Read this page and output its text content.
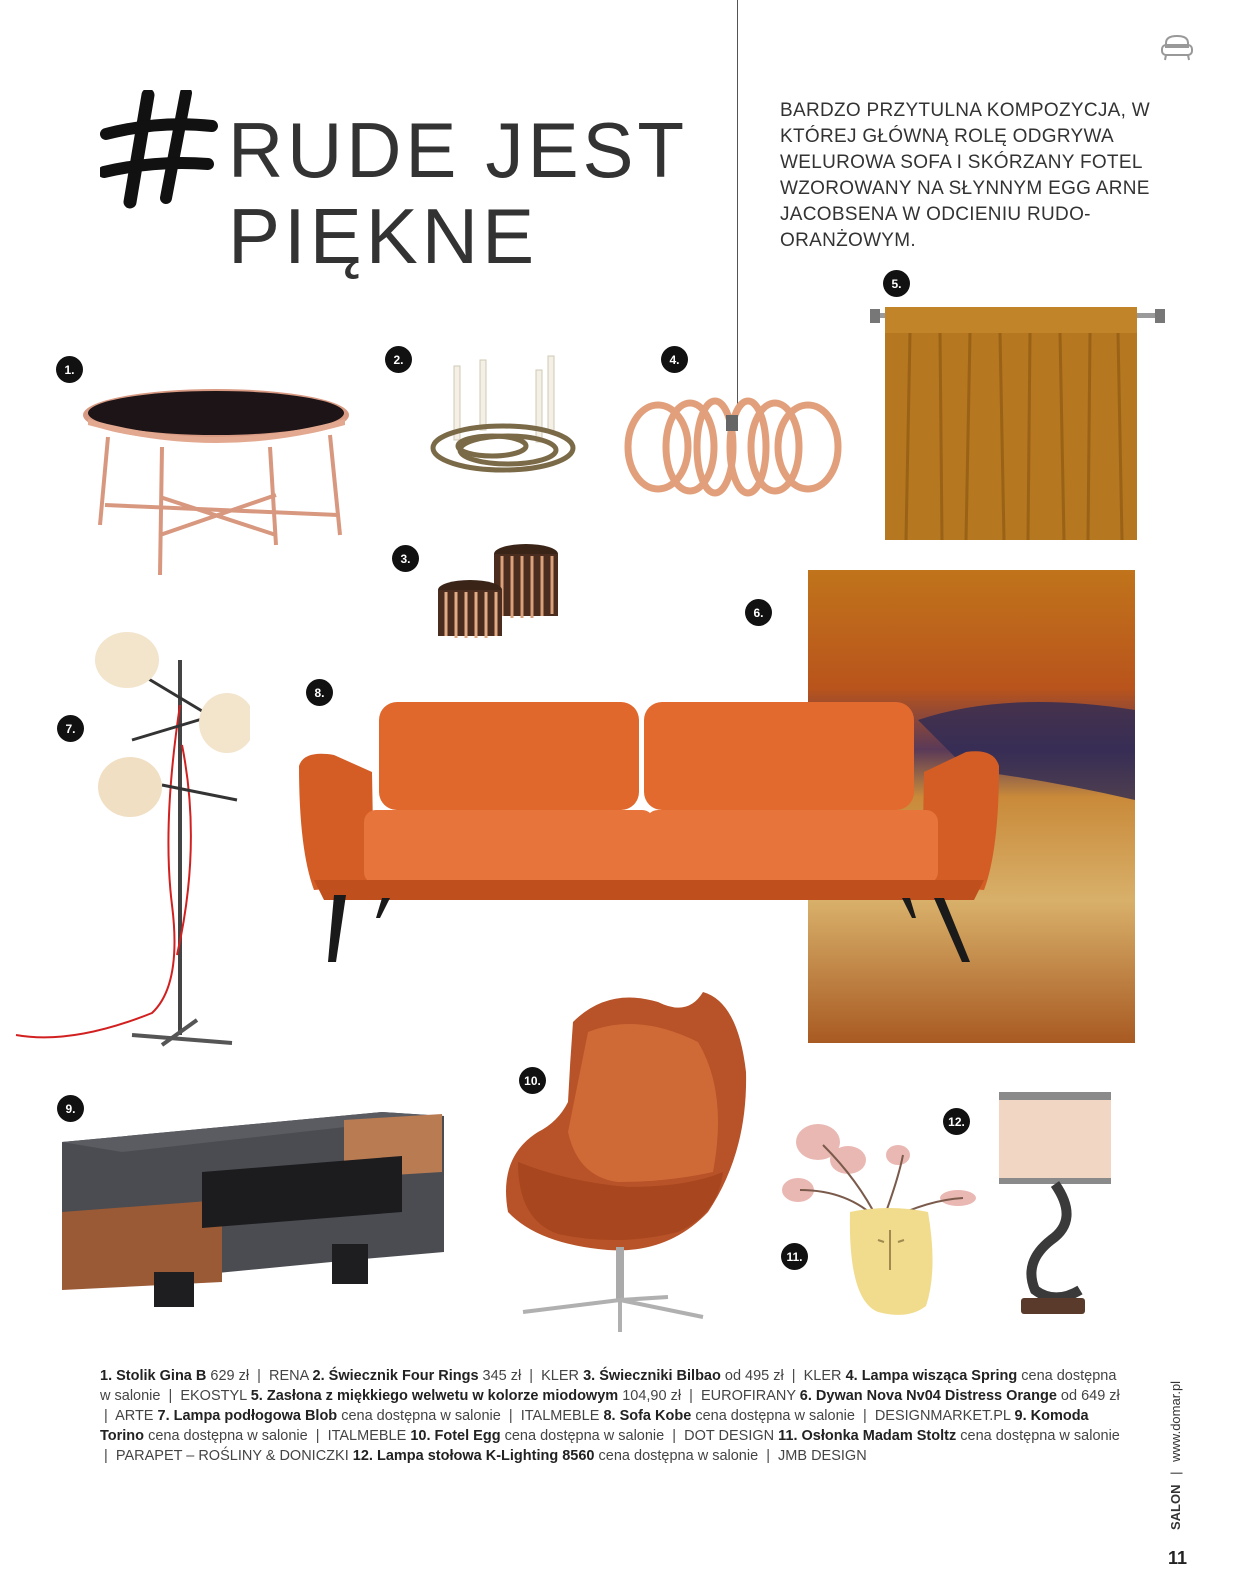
RUDE JEST
PIĘKNE
BARDZO PRZYTULNA KOMPOZYCJA, W KTÓREJ GŁÓWNĄ ROLĘ ODGRYWA WELUROWA SOFA I SKÓRZANY FOTEL WZOROWANY NA SŁYNNYM EGG ARNE JACOBSENA W ODCIENIU RUDO-ORANŻOWYM.
1.
2.
3.
4.
5.
6.
7.
8.
9.
10.
11.
12.
1. Stolik Gina B 629 zł  |  RENA 2. Świecznik Four Rings 345 zł  |  KLER 3. Świeczniki Bilbao od 495 zł  |  KLER 4. Lampa wisząca Spring cena dostępna w salonie  |  EKOSTYL 5. Zasłona z miękkiego welwetu w kolorze miodowym 104,90 zł  |  EUROFIRANY 6. Dywan Nova Nv04 Distress Orange od 649 zł  |  ARTE 7. Lampa podłogowa Blob cena dostępna w salonie  |  ITALMEBLE 8. Sofa Kobe cena dostępna w salonie  |  DESIGNMARKET.PL 9. Komoda Torino cena dostępna w salonie  |  ITALMEBLE 10. Fotel Egg cena dostępna w salonie  |  DOT DESIGN 11. Osłonka Madam Stoltz cena dostępna w salonie  |  PARAPET – ROŚLINY & DONICZKI 12. Lampa stołowa K-Lighting 8560 cena dostępna w salonie  |  JMB DESIGN
SALON | www.domar.pl
11
